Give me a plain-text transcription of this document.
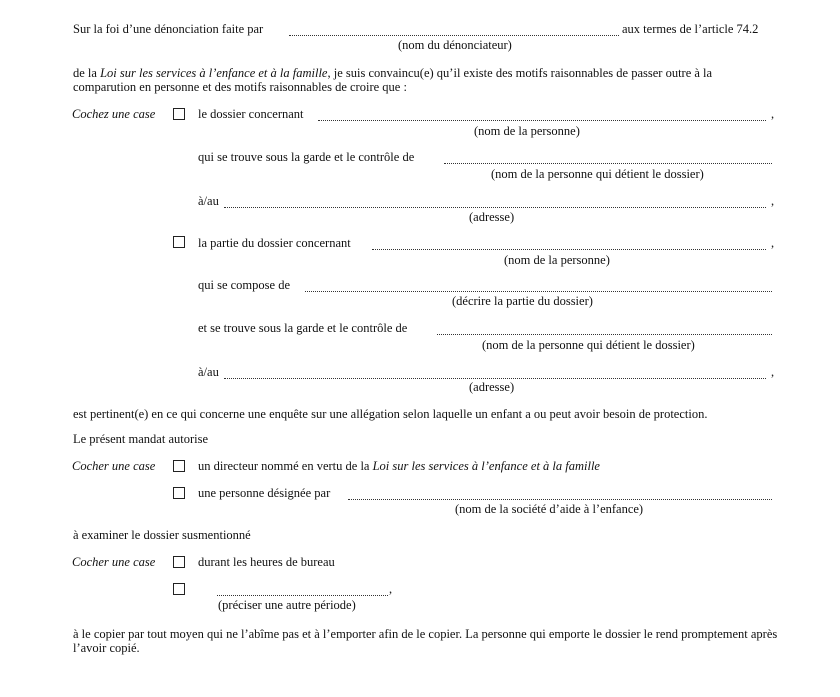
Sur la foi d’une dénonciation faite par	aux termes de l’article 74.2
(nom du dénonciateur)
de la Loi sur les services à l’enfance et à la famille, je suis convaincu(e) qu’il existe des motifs raisonnables de passer outre à la comparution en personne et des motifs raisonnables de croire que :
Cochez une case	le dossier concernant	,
(nom de la personne)
qui se trouve sous la garde et le contrôle de
(nom de la personne qui détient le dossier)
à/au	,
(adresse)
la partie du dossier concernant	,
(nom de la personne)
qui se compose de
(décrire la partie du dossier)
et se trouve sous la garde et le contrôle de
(nom de la personne qui détient le dossier)
à/au	,
(adresse)
est pertinent(e) en ce qui concerne une enquête sur une allégation selon laquelle un enfant a ou peut avoir besoin de protection.
Le présent mandat autorise
Cocher une case	un directeur nommé en vertu de la Loi sur les services à l’enfance et à la famille
une personne désignée par
(nom de la société d’aide à l’enfance)
à examiner le dossier susmentionné
Cocher une case	durant les heures de bureau
,
(préciser une autre période)
à le copier par tout moyen qui ne l’abîme pas et à l’emporter afin de le copier. La personne qui emporte le dossier le rend promptement après l’avoir copié.
